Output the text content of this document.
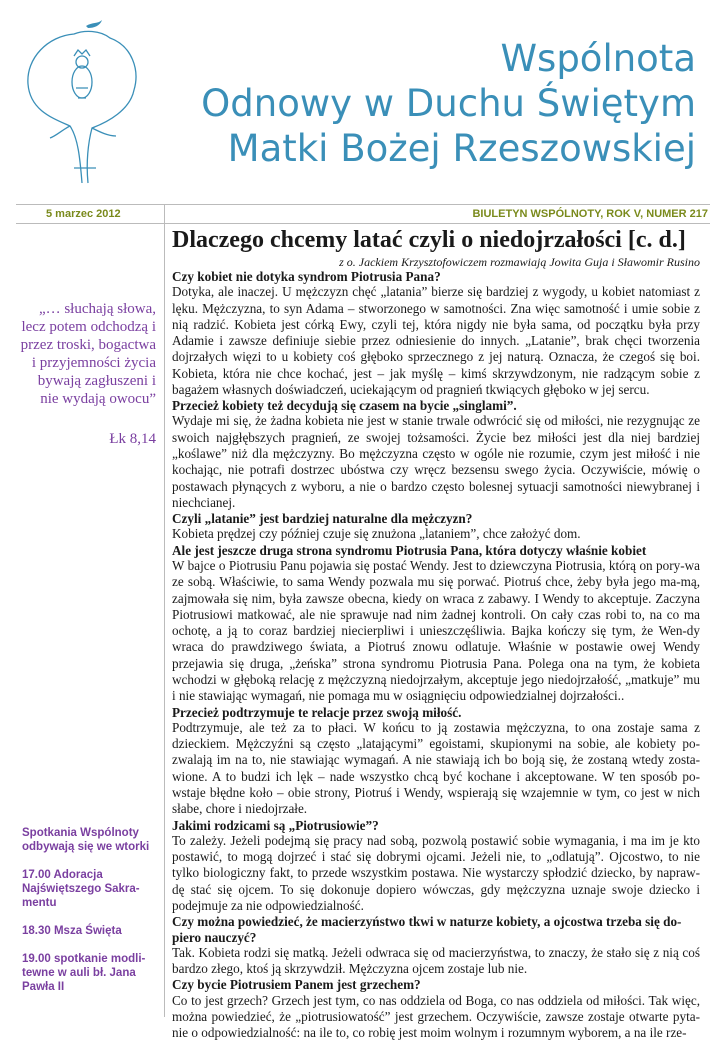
Wspólnota
Odnowy w Duchu Świętym
Matki Bożej Rzeszowskiej
5 marzec 2012	BIULETYN WSPÓLNOTY, ROK V, NUMER 217
„… słuchają słowa,
lecz potem odchodzą i
przez troski, bogactwa
i przyjemności życia
bywają zagłuszeni i
nie wydają owocu”
Łk 8,14
Spotkania Wspólnoty odbywają się we wtorki
17.00 Adoracja Najświętszego Sakra-mentu
18.30 Msza Święta
19.00 spotkanie modli-tewne w auli bł. Jana Pawła II
Dlaczego chcemy latać czyli o niedojrzałości [c. d.]
z o. Jackiem Krzysztofowiczem rozmawiają Jowita Guja i Sławomir Rusino
Czy kobiet nie dotyka syndrom Piotrusia Pana?
Dotyka, ale inaczej. U mężczyzn chęć „latania” bierze się bardziej z wygody, u kobiet natomiast z lęku. Mężczyzna, to syn Adama – stworzonego w samotności. Zna więc samotność i umie sobie z nią radzić. Kobieta jest córką Ewy, czyli tej, która nigdy nie była sama, od początku była przy Adamie i zawsze definiuje siebie przez odniesienie do innych. „Latanie”, brak chęci tworzenia dojrzałych więzi to u kobiety coś głęboko sprzecznego z jej naturą. Oznacza, że czegoś się boi. Kobieta, która nie chce kochać, jest – jak myślę – kimś skrzywdzonym, nie radzącym sobie z bagażem własnych doświadczeń, uciekającym od pragnień tkwiących głęboko w jej sercu.
Przecież kobiety też decydują się czasem na bycie „singlami”.
Wydaje mi się, że żadna kobieta nie jest w stanie trwale odwrócić się od miłości, nie rezygnując ze swoich najgłębszych pragnień, ze swojej tożsamości. Życie bez miłości jest dla niej bardziej „koślawe” niż dla mężczyzny. Bo mężczyzna często w ogóle nie rozumie, czym jest miłość i nie kochając, nie potrafi dostrzec ubóstwa czy wręcz bezsensu swego życia. Oczywiście, mówię o postawach płynących z wyboru, a nie o bardzo często bolesnej sytuacji samotności niewybranej i niechcianej.
Czyli „latanie” jest bardziej naturalne dla mężczyzn?
Kobieta prędzej czy później czuje się znużona „lataniem”, chce założyć dom.
Ale jest jeszcze druga strona syndromu Piotrusia Pana, która dotyczy właśnie kobiet
W bajce o Piotrusiu Panu pojawia się postać Wendy. Jest to dziewczyna Piotrusia, którą on pory-wa ze sobą. Właściwie, to sama Wendy pozwala mu się porwać. Piotruś chce, żeby była jego ma-mą, zajmowała się nim, była zawsze obecna, kiedy on wraca z zabawy. I Wendy to akceptuje. Zaczyna Piotrusiowi matkować, ale nie sprawuje nad nim żadnej kontroli. On cały czas robi to, na co ma ochotę, a ją to coraz bardziej niecierpliwi i unieszczęśliwia. Bajka kończy się tym, że Wen-dy wraca do prawdziwego świata, a Piotruś znowu odlatuje. Właśnie w postawie owej Wendy przejawia się druga, „żeńska” strona syndromu Piotrusia Pana. Polega ona na tym, że kobieta wchodzi w głęboką relację z mężczyzną niedojrzałym, akceptuje jego niedojrzałość, „matkuje” mu i nie stawiając wymagań, nie pomaga mu w osiągnięciu odpowiedzialnej dojrzałości..
Przecież podtrzymuje te relacje przez swoją miłość.
Podtrzymuje, ale też za to płaci. W końcu to ją zostawia mężczyzna, to ona zostaje sama z dzieckiem. Mężczyźni są często „latającymi” egoistami, skupionymi na sobie, ale kobiety po-zwalają im na to, nie stawiając wymagań. A nie stawiają ich bo boją się, że zostaną wtedy zosta-wione. A to budzi ich lęk – nade wszystko chcą być kochane i akceptowane. W ten sposób po-wstaje błędne koło – obie strony, Piotruś i Wendy, wspierają się wzajemnie w tym, co jest w nich słabe, chore i niedojrzałe.
Jakimi rodzicami są „Piotrusiowie”?
To zależy. Jeżeli podejmą się pracy nad sobą, pozwolą postawić sobie wymagania, i ma im je kto postawić, to mogą dojrzeć i stać się dobrymi ojcami. Jeżeli nie, to „odlatują”. Ojcostwo, to nie tylko biologiczny fakt, to przede wszystkim postawa. Nie wystarczy spłodzić dziecko, by napraw-dę stać się ojcem. To się dokonuje dopiero wówczas, gdy mężczyzna uznaje swoje dziecko i podejmuje za nie odpowiedzialność.
Czy można powiedzieć, że macierzyństwo tkwi w naturze kobiety, a ojcostwa trzeba się do-piero nauczyć?
Tak. Kobieta rodzi się matką. Jeżeli odwraca się od macierzyństwa, to znaczy, że stało się z nią coś bardzo złego, ktoś ją skrzywdził. Mężczyzna ojcem zostaje lub nie.
Czy bycie Piotrusiem Panem jest grzechem?
Co to jest grzech? Grzech jest tym, co nas oddziela od Boga, co nas oddziela od miłości. Tak więc, można powiedzieć, że „piotrusiowatość” jest grzechem. Oczywiście, zawsze zostaje otwarte pyta-nie o odpowiedzialność: na ile to, co robię jest moim wolnym i rozumnym wyborem, a na ile rze-
